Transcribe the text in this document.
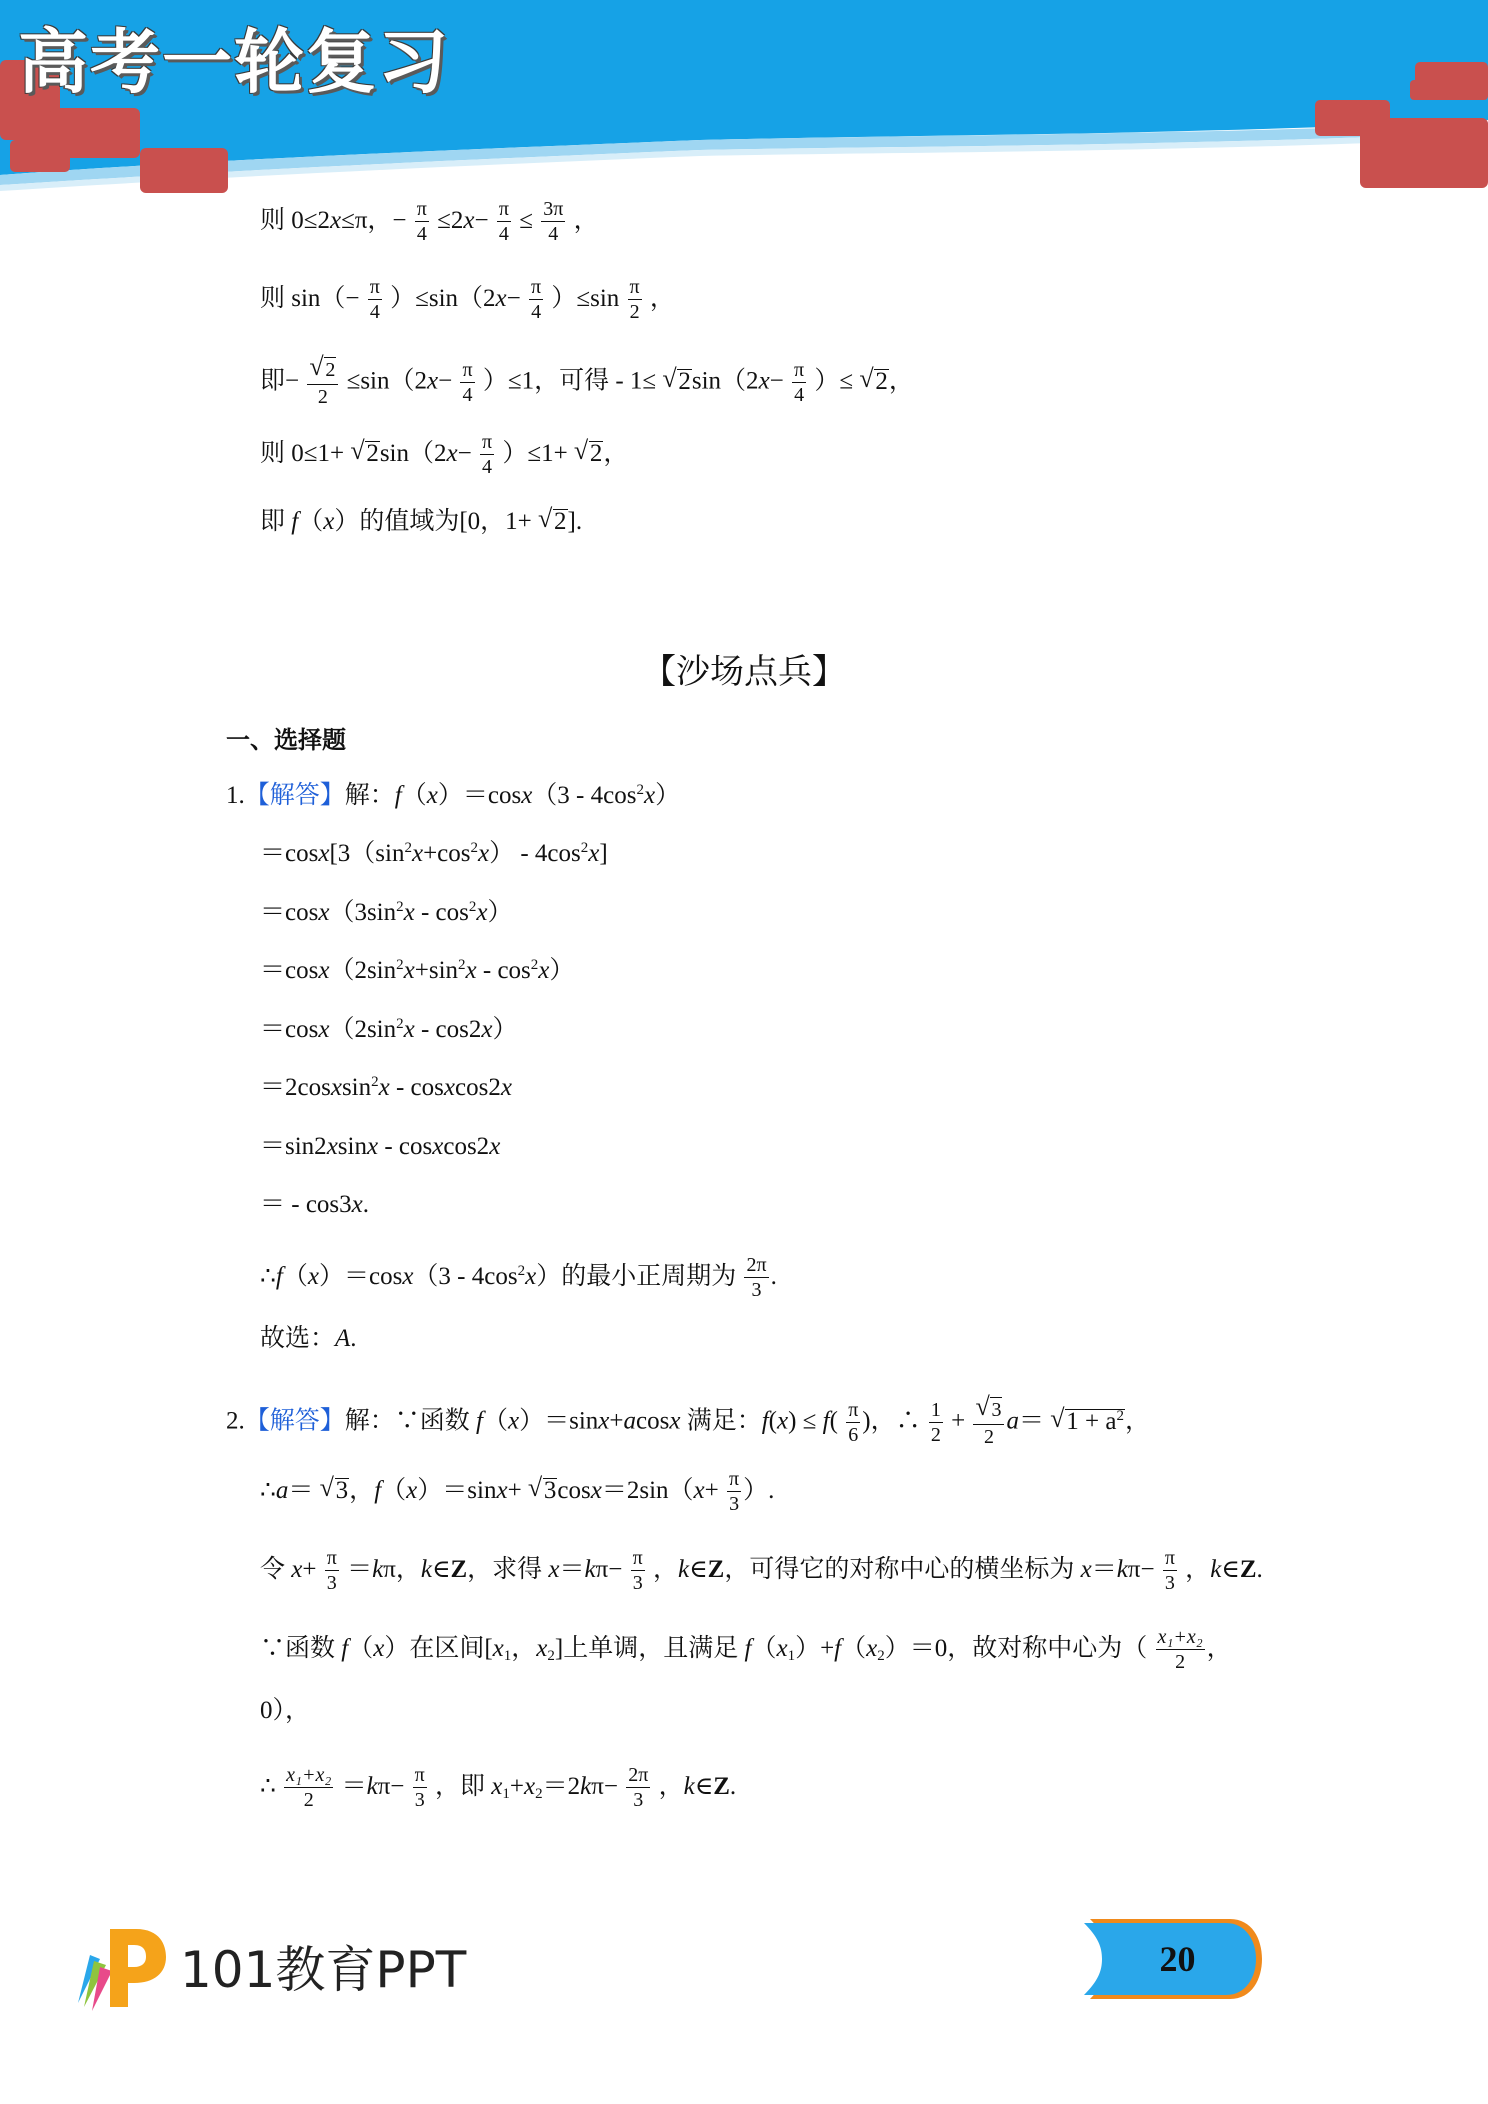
高考一轮复习
则 0≤2x≤π，− $\frac{\pi}{4} \le 2x- \frac{\pi}{4} \le \frac{3\pi}{4}$ ，
则 $\sin(- \frac{\pi}{4} )\le\sin(2x- \frac{\pi}{4} )\le\sin \frac{\pi}{2}$ ，
即− √ $\frac{2}{2} \le\sin(2x- \frac{\pi}{4} )\le 1$，可得 - 1≤ √ $2\sin(2x- \frac{\pi}{4}$ ）≤ √ 2，
则 0≤1+ √ $2\sin(2x- \frac{\pi}{4} )\le 1+$ √ 2，
即 f（x）的值域为[0，1+ √ 2].
【沙场点兵】
一、选择题
1.【解答】解：$f(x)=\cos x(3 - 4\cos^2x)$
$=\cos x[3(\sin^2x+\cos^2x) - 4\cos^2x]$
$=\cos x(3\sin^2x - \cos^2x)$
$=\cos x(2\sin^2x+\sin^2x - \cos^2x)$
$=\cos x(2\sin^2x - \cos 2x)$
＝2cosxsin$^2$x - cosxcos2x
＝sin2xsinx - cosxcos2x
＝ - cos3x.
∴f（x）＝cosx（3 - $4\cos^2x$）的最小正周期为 $\frac{2\pi}{3}$ .
故选：A.
2.【解答】解：∵函数 f（x）＝sinx+acosx 满足：$f(x) \le f( \frac{\pi}{6}$ )，∴ $\frac{1}{2}$ + √ $\frac{3}{2} a=$ √ $1 + a^2$，
∴a＝ √ 3，f（x）＝sinx+ √ $3\cos x=2\sin(x+ \frac{\pi}{3}$ ）.
令 $x+ \frac{\pi}{3} =k\pi$，k∈Z，求得 $x=k\pi- \frac{\pi}{3}$ ，k∈Z，可得它的对称中心的横坐标为 $x=k\pi- \frac{\pi}{3}$ ，k∈Z.
∵函数 f（x）在区间[$x_1$，$x_2$]上单调，且满足 $f(x_1)+f(x_2)=0$，故对称中心为（ $\frac{\text{x₁+x₂}}{2}$ ，
0），
∴ $\frac{\text{x₁+x₂}}{2} =k\pi- \frac{\pi}{3}$ ，即 $x_1+x_2=2k\pi- \frac{2\pi}{3}$ ，k∈Z.
101教育PPT	20
